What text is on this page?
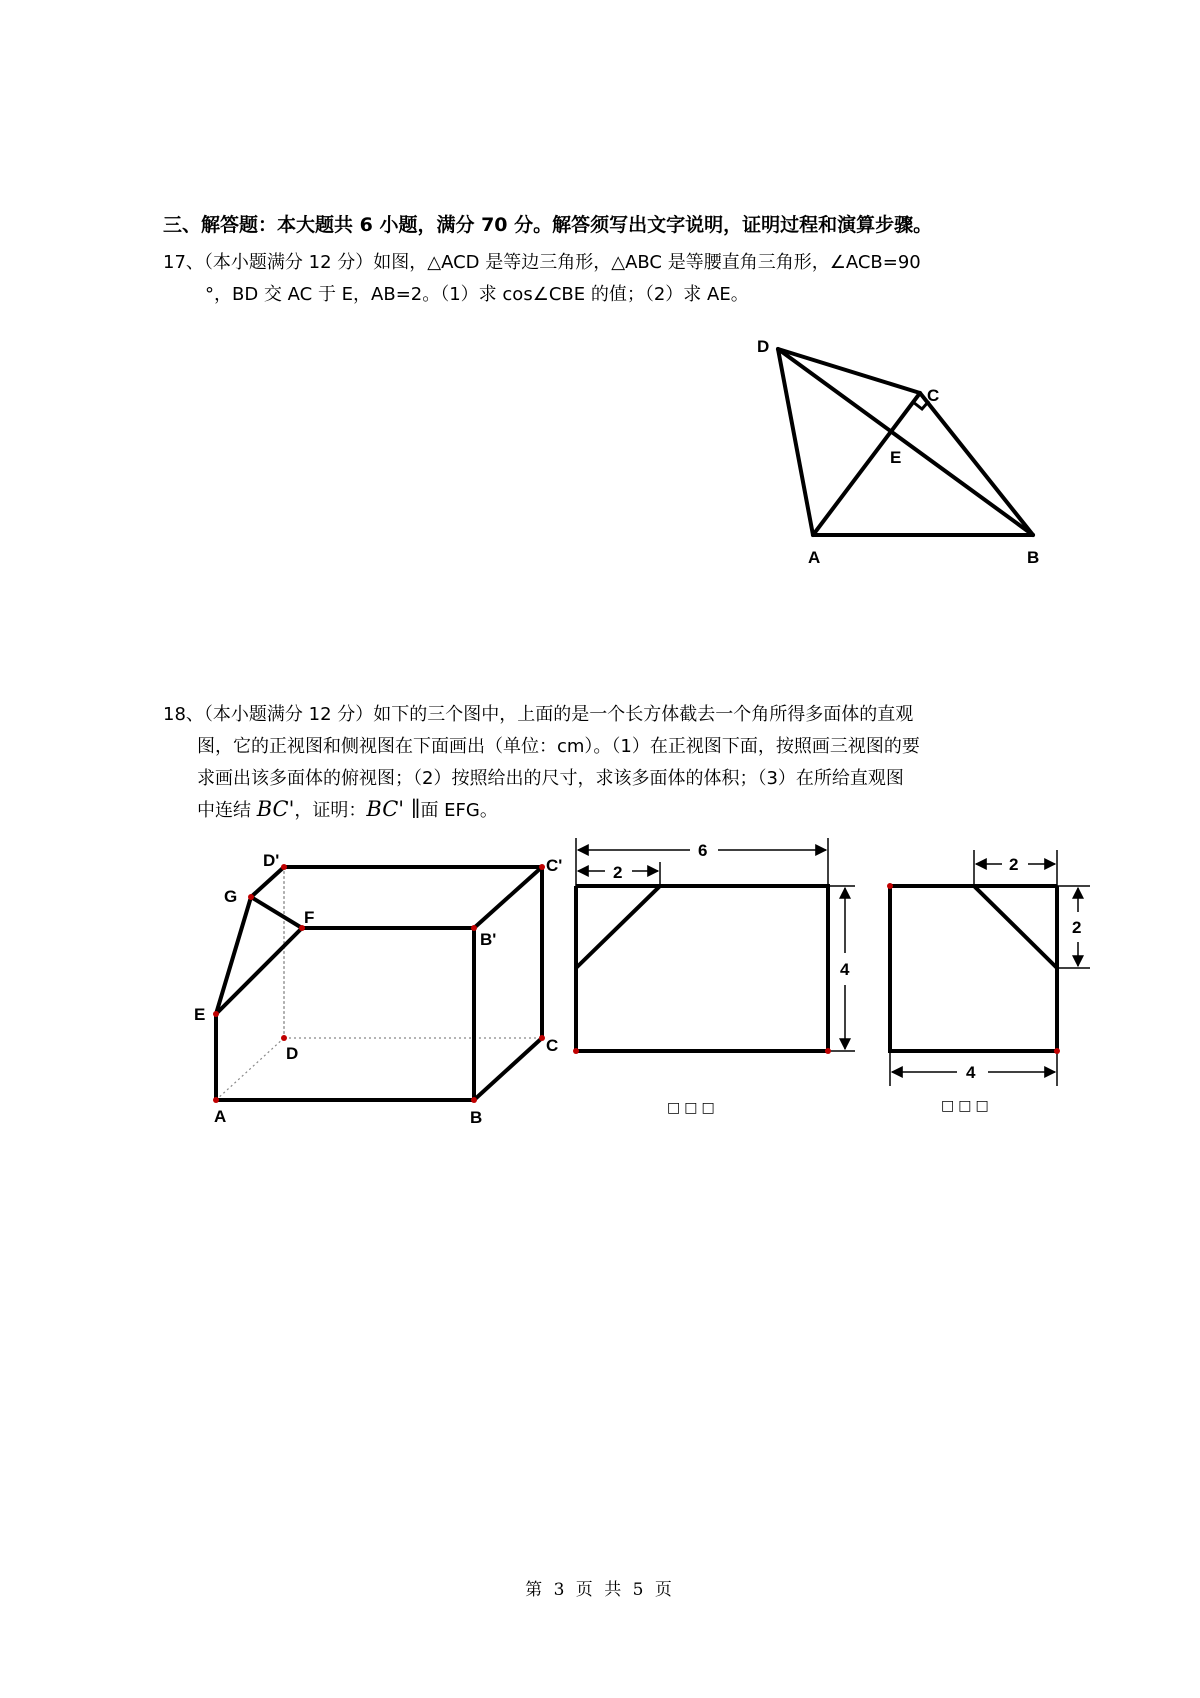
三、解答题：本大题共 6 小题，满分 70 分。解答须写出文字说明，证明过程和演算步骤。
17、（本小题满分 12 分）如图，△ACD 是等边三角形，△ABC 是等腰直角三角形，∠ACB=90
°，BD 交 AC 于 E，AB=2。（1）求 cos∠CBE 的值；（2）求 AE。
D
C
E
A	B
18、（本小题满分 12 分）如下的三个图中，上面的是一个长方体截去一个角所得多面体的直观
图，它的正视图和侧视图在下面画出（单位：cm）。（1）在正视图下面，按照画三视图的要
求画出该多面体的俯视图；（2）按照给出的尺寸，求该多面体的体积；（3）在所给直观图
中连结 BC'，证明：BC' ∥面 EFG。
D'	C'
G
F
B'
E
D	C
A	B
6
2
4
□□□
2
2
4
□□□
第 3 页 共 5 页
